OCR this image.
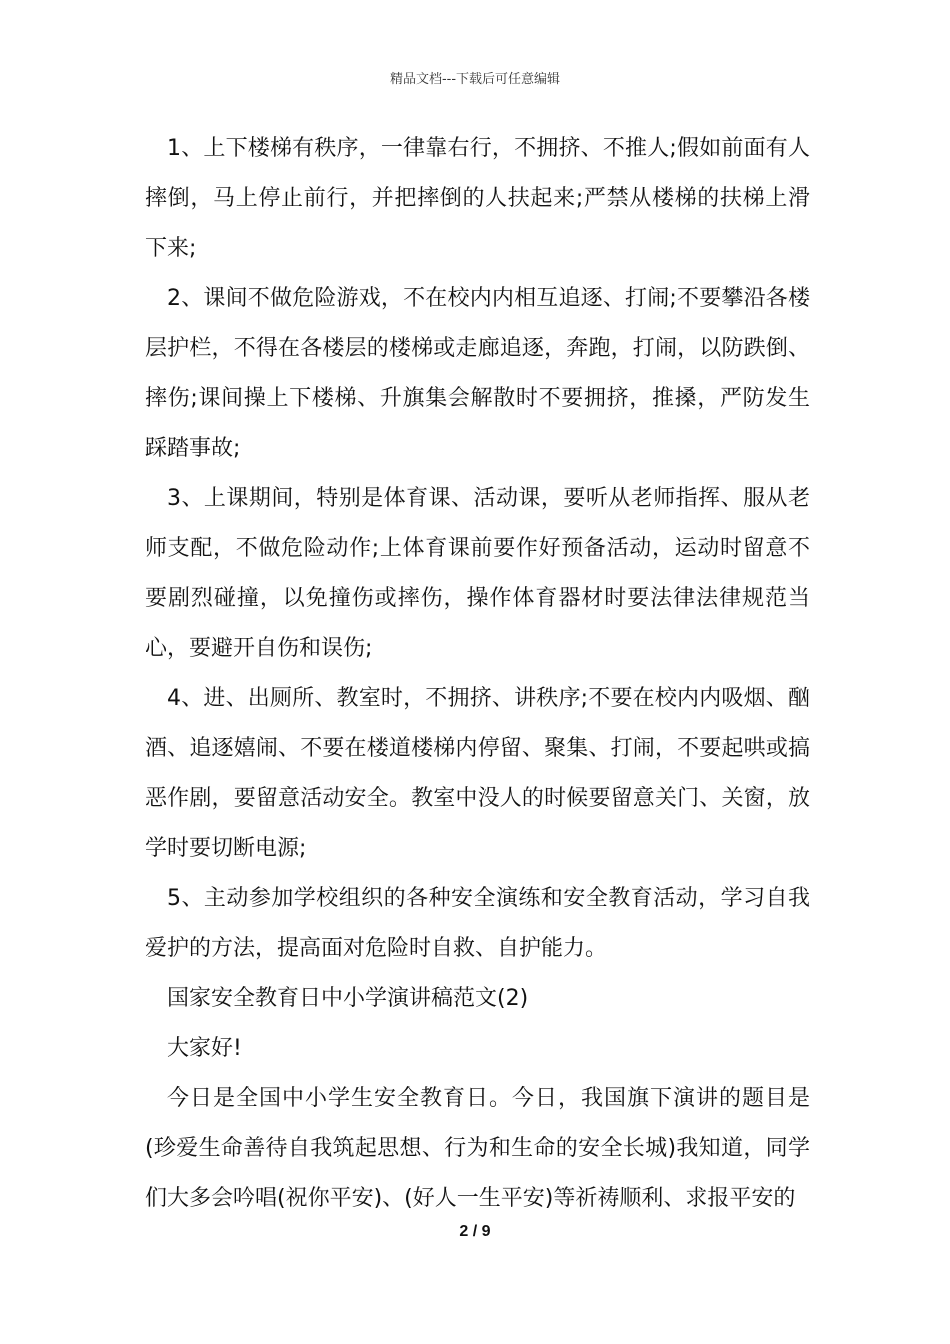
精品文档---下载后可任意编辑

1、上下楼梯有秩序，一律靠右行，不拥挤、不推人;假如前面有人摔倒，马上停止前行，并把摔倒的人扶起来;严禁从楼梯的扶梯上滑下来;

2、课间不做危险游戏，不在校内内相互追逐、打闹;不要攀沿各楼层护栏，不得在各楼层的楼梯或走廊追逐，奔跑，打闹，以防跌倒、摔伤;课间操上下楼梯、升旗集会解散时不要拥挤，推搡，严防发生踩踏事故;

3、上课期间，特别是体育课、活动课，要听从老师指挥、服从老师支配，不做危险动作;上体育课前要作好预备活动，运动时留意不要剧烈碰撞，以免撞伤或摔伤，操作体育器材时要法律法律规范当心，要避开自伤和误伤;

4、进、出厕所、教室时，不拥挤、讲秩序;不要在校内内吸烟、酗酒、追逐嬉闹、不要在楼道楼梯内停留、聚集、打闹，不要起哄或搞恶作剧，要留意活动安全。教室中没人的时候要留意关门、关窗，放学时要切断电源;

5、主动参加学校组织的各种安全演练和安全教育活动，学习自我爱护的方法，提高面对危险时自救、自护能力。

国家安全教育日中小学演讲稿范文(2)

大家好!

今日是全国中小学生安全教育日。今日，我国旗下演讲的题目是(珍爱生命善待自我筑起思想、行为和生命的安全长城)我知道，同学们大多会吟唱(祝你平安)、(好人一生平安)等祈祷顺利、求报平安的

2 / 9
